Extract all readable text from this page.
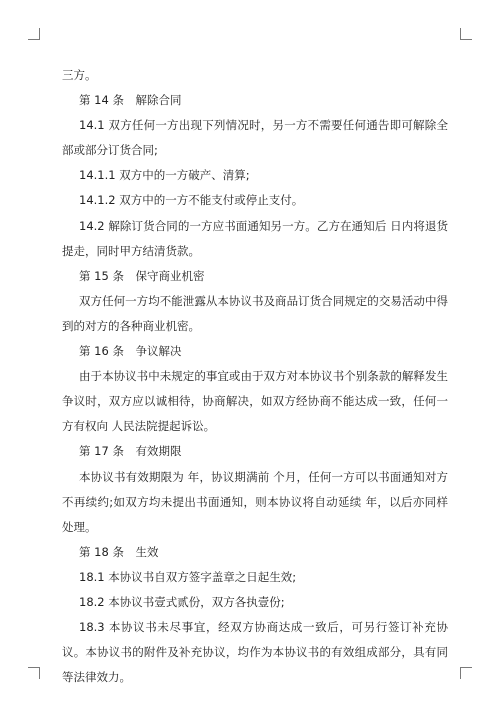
三方。

第 14 条　解除合同

14.1 双方任何一方出现下列情况时，另一方不需要任何通告即可解除全部或部分订货合同;

14.1.1 双方中的一方破产、清算;

14.1.2 双方中的一方不能支付或停止支付。

14.2 解除订货合同的一方应书面通知另一方。乙方在通知后 日内将退货提走，同时甲方结清货款。

第 15 条　保守商业机密

双方任何一方均不能泄露从本协议书及商品订货合同规定的交易活动中得到的对方的各种商业机密。

第 16 条　争议解决

由于本协议书中未规定的事宜或由于双方对本协议书个别条款的解释发生争议时，双方应以诚相待，协商解决，如双方经协商不能达成一致，任何一方有权向 人民法院提起诉讼。

第 17 条　有效期限

本协议书有效期限为 年，协议期满前 个月，任何一方可以书面通知对方不再续约;如双方均未提出书面通知，则本协议将自动延续 年，以后亦同样处理。

第 18 条　生效

18.1 本协议书自双方签字盖章之日起生效;

18.2 本协议书壹式贰份，双方各执壹份;

18.3 本协议书未尽事宜，经双方协商达成一致后，可另行签订补充协议。本协议书的附件及补充协议，均作为本协议书的有效组成部分，具有同等法律效力。
